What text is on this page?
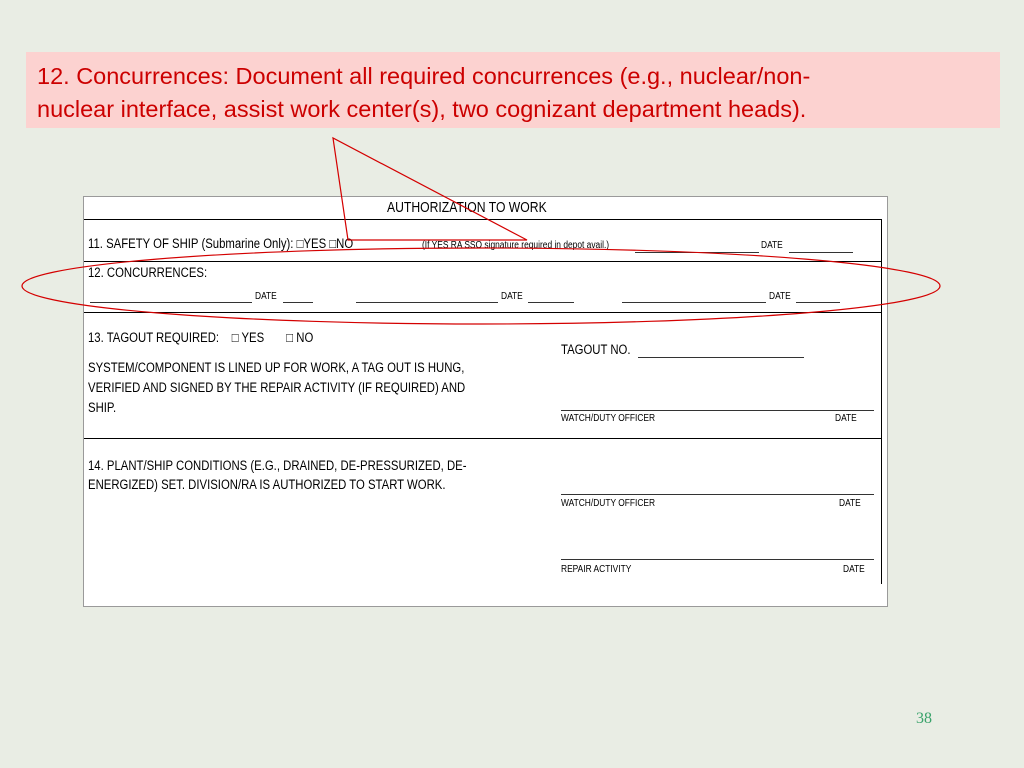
12. Concurrences: Document all required concurrences (e.g., nuclear/non-

nuclear interface, assist work center(s), two cognizant department heads).

AUTHORIZATION TO WORK
11. SAFETY OF SHIP (Submarine Only): □YES □NO	(If YES RA SSO signature required in depot avail.)	DATE
12. CONCURRENCES:
DATE	DATE	DATE
13. TAGOUT REQUIRED: □ YES □ NO
SYSTEM/COMPONENT IS LINED UP FOR WORK, A TAG OUT IS HUNG,
VERIFIED AND SIGNED BY THE REPAIR ACTIVITY (IF REQUIRED) AND
SHIP.
TAGOUT NO.
WATCH/DUTY OFFICER	DATE
14. PLANT/SHIP CONDITIONS (E.G., DRAINED, DE-PRESSURIZED, DE-
ENERGIZED) SET. DIVISION/RA IS AUTHORIZED TO START WORK.
WATCH/DUTY OFFICER	DATE
REPAIR ACTIVITY	DATE
38
